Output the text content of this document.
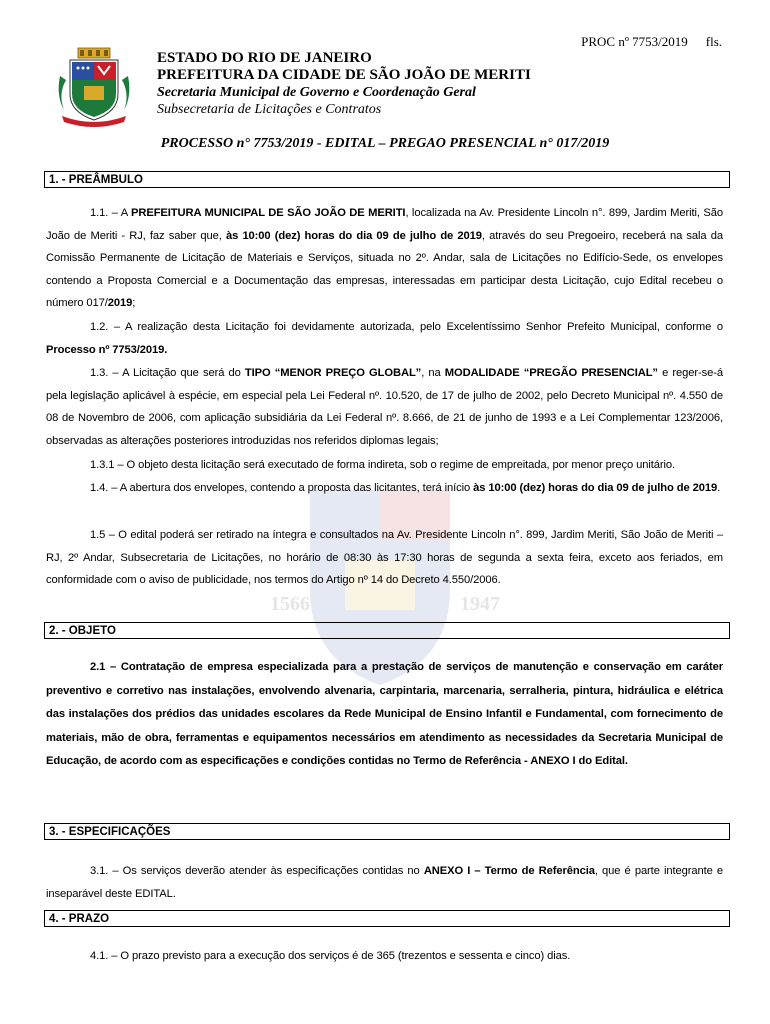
PROC nº 7753/2019 fls.
ESTADO DO RIO DE JANEIRO
PREFEITURA DA CIDADE DE SÃO JOÃO DE MERITI
Secretaria Municipal de Governo e Coordenação Geral
Subsecretaria de Licitações e Contratos
PROCESSO n° 7753/2019 - EDITAL – PREGAO PRESENCIAL n° 017/2019
1566	1947
1. - PREÂMBULO
1.1. – A PREFEITURA MUNICIPAL DE SÃO JOÃO DE MERITI, localizada na Av. Presidente Lincoln n°. 899, Jardim Meriti, São João de Meriti - RJ, faz saber que, às 10:00 (dez) horas do dia 09 de julho de 2019, através do seu Pregoeiro, receberá na sala da Comissão Permanente de Licitação de Materiais e Serviços, situada no 2º. Andar, sala de Licitações no Edifício-Sede, os envelopes contendo a Proposta Comercial e a Documentação das empresas, interessadas em participar desta Licitação, cujo Edital recebeu o número 017/2019;
1.2. – A realização desta Licitação foi devidamente autorizada, pelo Excelentíssimo Senhor Prefeito Municipal, conforme o Processo nº 7753/2019.
1.3. – A Licitação que será do TIPO “MENOR PREÇO GLOBAL”, na MODALIDADE “PREGÃO PRESENCIAL” e reger-se-á pela legislação aplicável à espécie, em especial pela Lei Federal nº. 10.520, de 17 de julho de 2002, pelo Decreto Municipal nº. 4.550 de 08 de Novembro de 2006, com aplicação subsidiária da Lei Federal nº. 8.666, de 21 de junho de 1993 e a Lei Complementar 123/2006, observadas as alterações posteriores introduzidas nos referidos diplomas legais;
1.3.1 – O objeto desta licitação será executado de forma indireta, sob o regime de empreitada, por menor preço unitário.
1.4. – A abertura dos envelopes, contendo a proposta das licitantes, terá início às 10:00 (dez) horas do dia 09 de julho de 2019.
1.5 – O edital poderá ser retirado na íntegra e consultados na Av. Presidente Lincoln n°. 899, Jardim Meriti, São João de Meriti – RJ, 2º Andar, Subsecretaria de Licitações, no horário de 08:30 às 17:30 horas de segunda a sexta feira, exceto aos feriados, em conformidade com o aviso de publicidade, nos termos do Artigo nº 14 do Decreto 4.550/2006.
2. - OBJETO
2.1 – Contratação de empresa especializada para a prestação de serviços de manutenção e conservação em caráter preventivo e corretivo nas instalações, envolvendo alvenaria, carpintaria, marcenaria, serralheria, pintura, hidráulica e elétrica das instalações dos prédios das unidades escolares da Rede Municipal de Ensino Infantil e Fundamental, com fornecimento de materiais, mão de obra, ferramentas e equipamentos necessários em atendimento as necessidades da Secretaria Municipal de Educação, de acordo com as especificações e condições contidas no Termo de Referência - ANEXO I do Edital.
3. - ESPECIFICAÇÕES
3.1. – Os serviços deverão atender às especificações contidas no ANEXO I – Termo de Referência, que é parte integrante e inseparável deste EDITAL.
4. - PRAZO
4.1. – O prazo previsto para a execução dos serviços é de 365 (trezentos e sessenta e cinco) dias.
